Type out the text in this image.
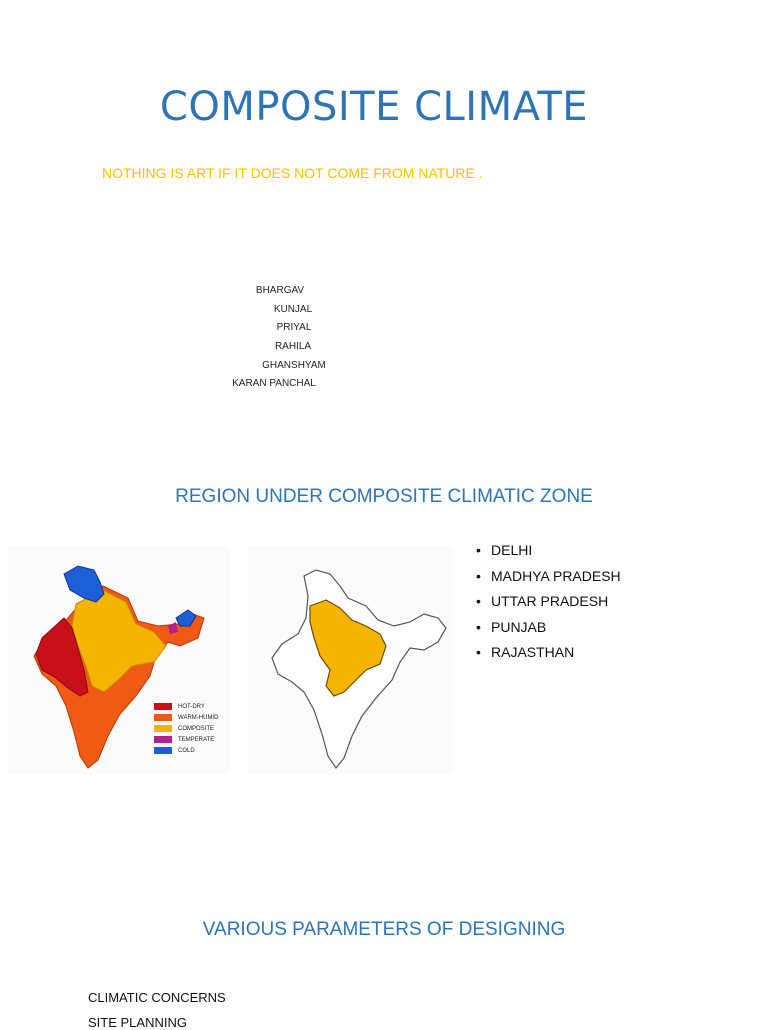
COMPOSITE CLIMATE
NOTHING IS ART IF IT DOES NOT COME FROM NATURE .
BHARGAV
KUNJAL
PRIYAL
RAHILA
GHANSHYAM
KARAN PANCHAL
REGION UNDER COMPOSITE CLIMATIC ZONE
HOT-DRY
WARM-HUMID
COMPOSITE
TEMPERATE
COLD
• DELHI
• MADHYA PRADESH
• UTTAR PRADESH
• PUNJAB
• RAJASTHAN
VARIOUS PARAMETERS OF DESIGNING
CLIMATIC CONCERNS
SITE PLANNING
